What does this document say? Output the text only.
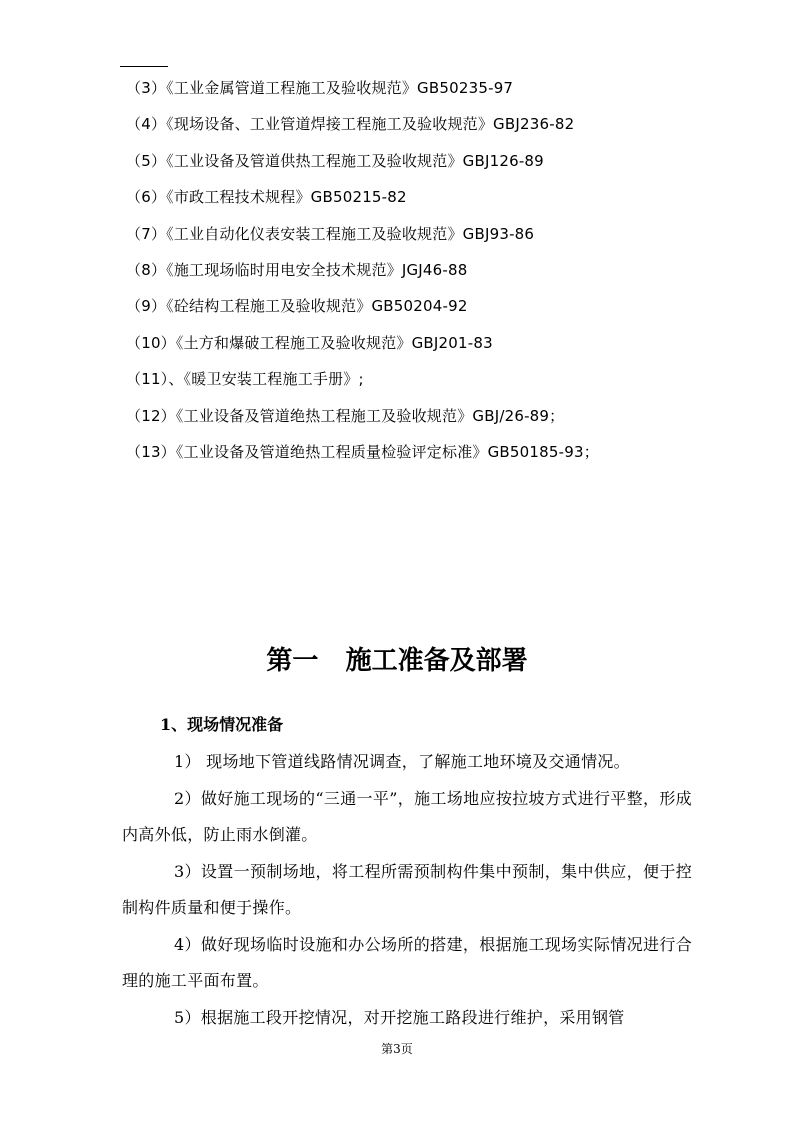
（3）《工业金属管道工程施工及验收规范》GB50235-97
（4）《现场设备、工业管道焊接工程施工及验收规范》GBJ236-82
（5）《工业设备及管道供热工程施工及验收规范》GBJ126-89
（6）《市政工程技术规程》GB50215-82
（7）《工业自动化仪表安装工程施工及验收规范》GBJ93-86
（8）《施工现场临时用电安全技术规范》JGJ46-88
（9）《砼结构工程施工及验收规范》GB50204-92
（10）《土方和爆破工程施工及验收规范》GBJ201-83
（11）、《暖卫安装工程施工手册》;
（12）《工业设备及管道绝热工程施工及验收规范》GBJ/26-89；
（13）《工业设备及管道绝热工程质量检验评定标准》GB50185-93；
第一   施工准备及部署
1、现场情况准备

1） 现场地下管道线路情况调查，了解施工地环境及交通情况。

2）做好施工现场的“三通一平”，施工场地应按拉坡方式进行平整，形成内高外低，防止雨水倒灌。

3）设置一预制场地，将工程所需预制构件集中预制，集中供应，便于控制构件质量和便于操作。

4）做好现场临时设施和办公场所的搭建，根据施工现场实际情况进行合理的施工平面布置。

5）根据施工段开挖情况，对开挖施工路段进行维护，采用钢管

第3页
